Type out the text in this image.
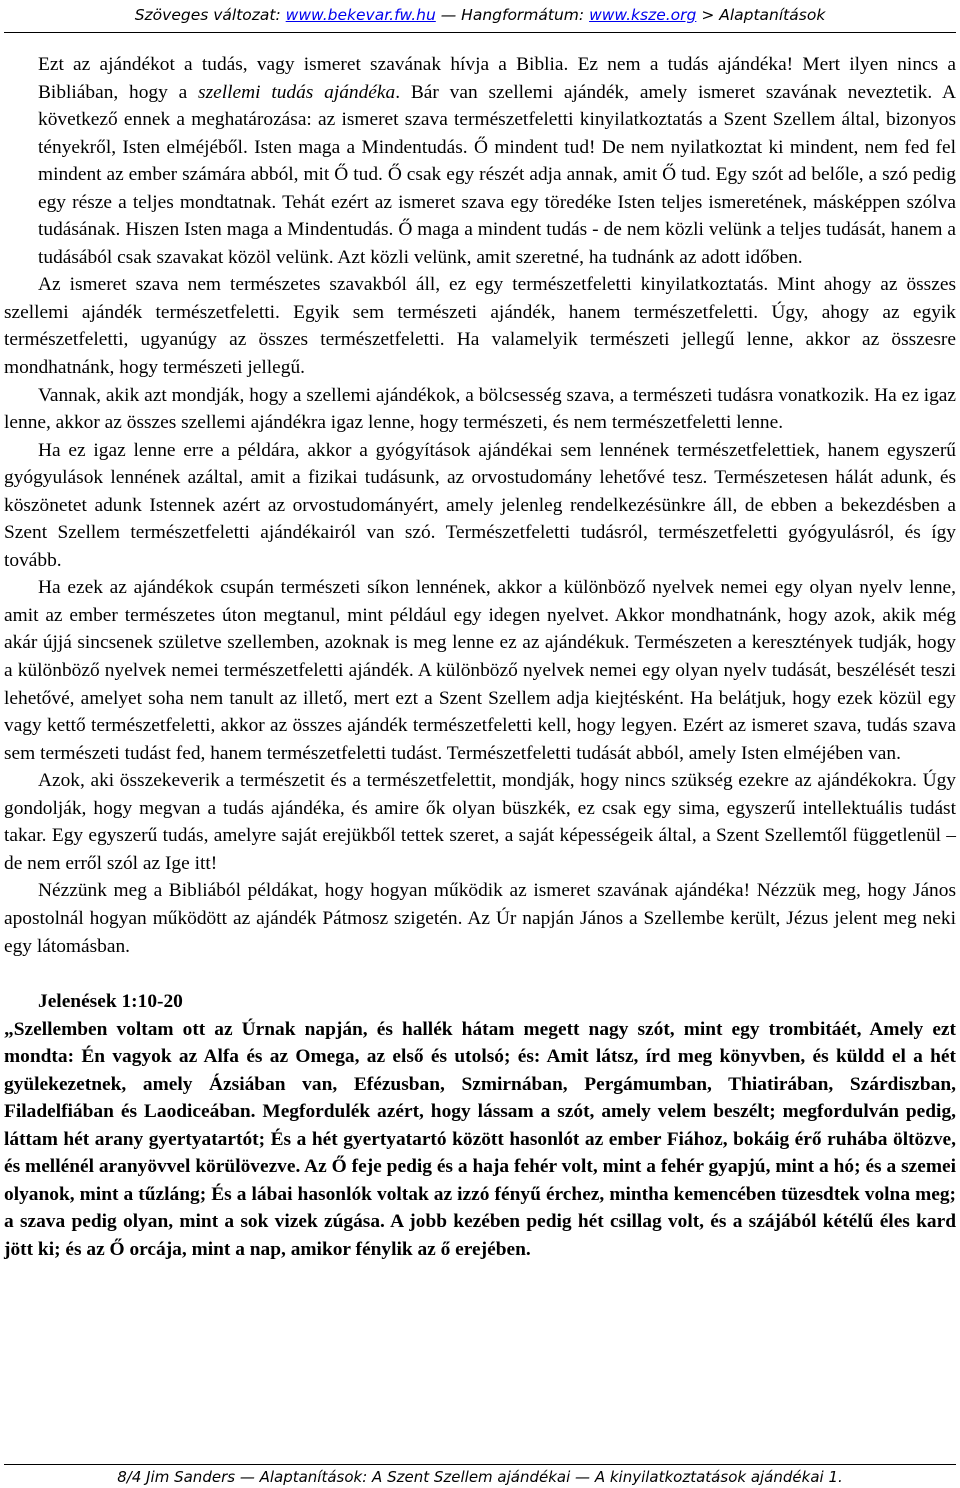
Szöveges változat: www.bekevar.fw.hu — Hangformátum: www.ksze.org > Alaptanítások

Ezt az ajándékot a tudás, vagy ismeret szavának hívja a Biblia. Ez nem a tudás ajándéka! Mert ilyen nincs a Bibliában, hogy a szellemi tudás ajándéka. Bár van szellemi ajándék, amely ismeret szavának neveztetik. A következő ennek a meghatározása: az ismeret szava természetfeletti kinyilatkoztatás a Szent Szellem által, bizonyos tényekről, Isten elméjéből. Isten maga a Mindentudás. Ő mindent tud! De nem nyilatkoztat ki mindent, nem fed fel mindent az ember számára abból, mit Ő tud. Ő csak egy részét adja annak, amit Ő tud. Egy szót ad belőle, a szó pedig egy része a teljes mondtatnak. Tehát ezért az ismeret szava egy töredéke Isten teljes ismeretének, másképpen szólva tudásának. Hiszen Isten maga a Mindentudás. Ő maga a mindent tudás - de nem közli velünk a teljes tudását, hanem a tudásából csak szavakat közöl velünk. Azt közli velünk, amit szeretné, ha tudnánk az adott időben.

Az ismeret szava nem természetes szavakból áll, ez egy természetfeletti kinyilatkoztatás. Mint ahogy az összes szellemi ajándék természetfeletti. Egyik sem természeti ajándék, hanem természetfeletti. Úgy, ahogy az egyik természetfeletti, ugyanúgy az összes természetfeletti. Ha valamelyik természeti jellegű lenne, akkor az összesre mondhatnánk, hogy természeti jellegű.

Vannak, akik azt mondják, hogy a szellemi ajándékok, a bölcsesség szava, a természeti tudásra vonatkozik. Ha ez igaz lenne, akkor az összes szellemi ajándékra igaz lenne, hogy természeti, és nem természetfeletti lenne.

Ha ez igaz lenne erre a példára, akkor a gyógyítások ajándékai sem lennének természetfelettiek, hanem egyszerű gyógyulások lennének azáltal, amit a fizikai tudásunk, az orvostudomány lehetővé tesz. Természetesen hálát adunk, és köszönetet adunk Istennek azért az orvostudományért, amely jelenleg rendelkezésünkre áll, de ebben a bekezdésben a Szent Szellem természetfeletti ajándékairól van szó. Természetfeletti tudásról, természetfeletti gyógyulásról, és így tovább.

Ha ezek az ajándékok csupán természeti síkon lennének, akkor a különböző nyelvek nemei egy olyan nyelv lenne, amit az ember természetes úton megtanul, mint például egy idegen nyelvet. Akkor mondhatnánk, hogy azok, akik még akár újjá sincsenek születve szellemben, azoknak is meg lenne ez az ajándékuk. Természeten a keresztények tudják, hogy a különböző nyelvek nemei természetfeletti ajándék. A különböző nyelvek nemei egy olyan nyelv tudását, beszélését teszi lehetővé, amelyet soha nem tanult az illető, mert ezt a Szent Szellem adja kiejtésként. Ha belátjuk, hogy ezek közül egy vagy kettő természetfeletti, akkor az összes ajándék természetfeletti kell, hogy legyen. Ezért az ismeret szava, tudás szava sem természeti tudást fed, hanem természetfeletti tudást. Természetfeletti tudását abból, amely Isten elméjében van.

Azok, aki összekeverik a természetit és a természetfelettit, mondják, hogy nincs szükség ezekre az ajándékokra. Úgy gondolják, hogy megvan a tudás ajándéka, és amire ők olyan büszkék, ez csak egy sima, egyszerű intellektuális tudást takar. Egy egyszerű tudás, amelyre saját erejükből tettek szeret, a saját képességeik által, a Szent Szellemtől függetlenül – de nem erről szól az Ige itt!

Nézzünk meg a Bibliából példákat, hogy hogyan működik az ismeret szavának ajándéka! Nézzük meg, hogy János apostolnál hogyan működött az ajándék Pátmosz szigetén. Az Úr napján János a Szellembe került, Jézus jelent meg neki egy látomásban.

Jelenések 1:10-20

„Szellemben voltam ott az Úrnak napján, és hallék hátam megett nagy szót, mint egy trombitáét, Amely ezt mondta: Én vagyok az Alfa és az Omega, az első és utolsó; és: Amit látsz, írd meg könyvben, és küldd el a hét gyülekezetnek, amely Ázsiában van, Efézusban, Szmirnában, Pergámumban, Thiatirában, Szárdiszban, Filadelfiában és Laodiceában. Megfordulék azért, hogy lássam a szót, amely velem beszélt; megfordulván pedig, láttam hét arany gyertyatartót; És a hét gyertyatartó között hasonlót az ember Fiához, bokáig érő ruhába öltözve, és mellénél aranyövvel körülövezve. Az Ő feje pedig és a haja fehér volt, mint a fehér gyapjú, mint a hó; és a szemei olyanok, mint a tűzláng; És a lábai hasonlók voltak az izzó fényű érchez, mintha kemencében tüzesdtek volna meg; a szava pedig olyan, mint a sok vizek zúgása. A jobb kezében pedig hét csillag volt, és a szájából kétélű éles kard jött ki; és az Ő orcája, mint a nap, amikor fénylik az ő erejében.

8/4 Jim Sanders — Alaptanítások: A Szent Szellem ajándékai — A kinyilatkoztatások ajándékai 1.
